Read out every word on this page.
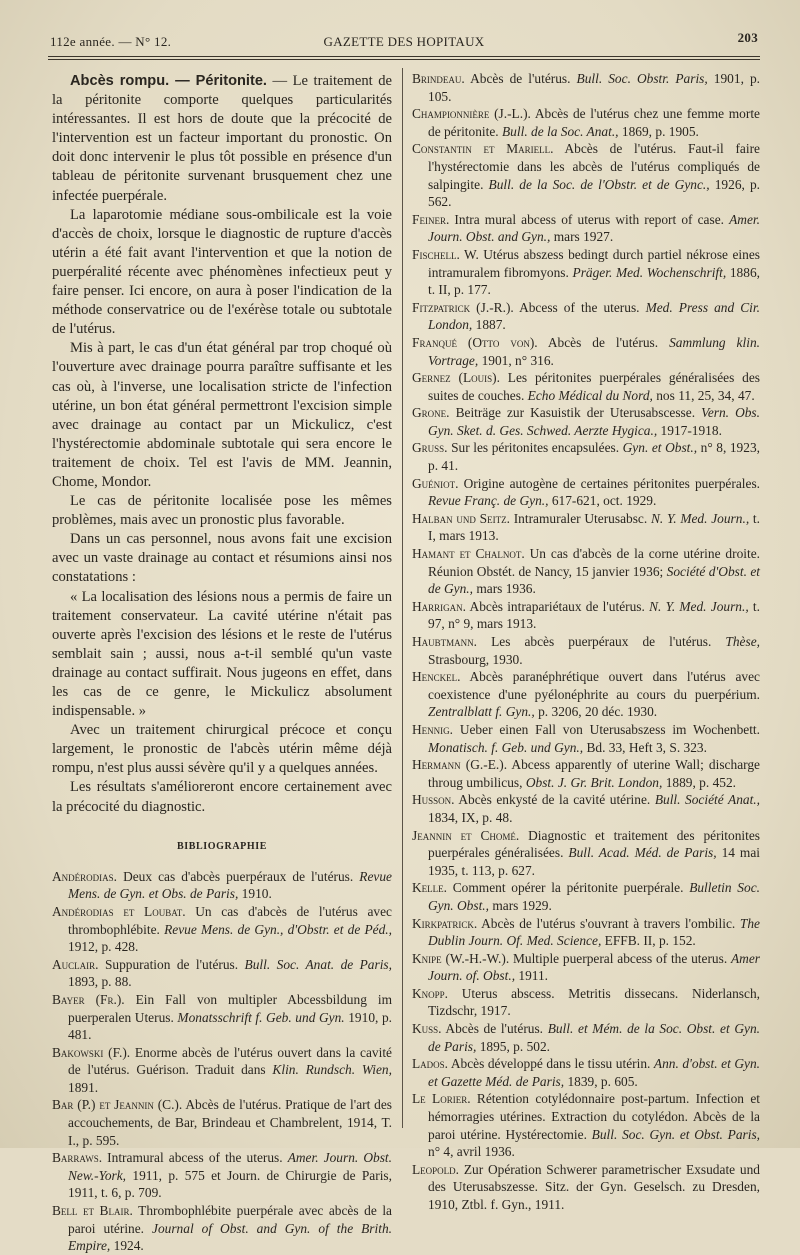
112e année. — N° 12.	GAZETTE DES HOPITAUX	203

Abcès rompu. — Péritonite. — Le traitement de la péritonite comporte quelques particularités intéressantes. Il est hors de doute que la précocité de l'intervention est un facteur important du pronostic. On doit donc intervenir le plus tôt possible en présence d'un tableau de péritonite survenant brusquement chez une infectée puerpérale.

La laparotomie médiane sous-ombilicale est la voie d'accès de choix, lorsque le diagnostic de rupture d'accès utérin a été fait avant l'intervention et que la notion de puerpéralité récente avec phénomènes infectieux peut y faire penser. Ici encore, on aura à poser l'indication de la méthode conservatrice ou de l'exérèse totale ou subtotale de l'utérus.

Mis à part, le cas d'un état général par trop choqué où l'ouverture avec drainage pourra paraître suffisante et les cas où, à l'inverse, une localisation stricte de l'infection utérine, un bon état général permettront l'excision simple avec drainage au contact par un Mickulicz, c'est l'hystérectomie abdominale subtotale qui sera encore le traitement de choix. Tel est l'avis de MM. Jeannin, Chome, Mondor.

Le cas de péritonite localisée pose les mêmes problèmes, mais avec un pronostic plus favorable.

Dans un cas personnel, nous avons fait une excision avec un vaste drainage au contact et résumions ainsi nos constatations :

« La localisation des lésions nous a permis de faire un traitement conservateur. La cavité utérine n'était pas ouverte après l'excision des lésions et le reste de l'utérus semblait sain ; aussi, nous a-t-il semblé qu'un vaste drainage au contact suffirait. Nous jugeons en effet, dans les cas de ce genre, le Mickulicz absolument indispensable. »

Avec un traitement chirurgical précoce et conçu largement, le pronostic de l'abcès utérin même déjà rompu, n'est plus aussi sévère qu'il y a quelques années.

Les résultats s'amélioreront encore certainement avec la précocité du diagnostic.

BIBLIOGRAPHIE

Andérodias. Deux cas d'abcès puerpéraux de l'utérus. Revue Mens. de Gyn. et Obs. de Paris, 1910.

Andérodias et Loubat. Un cas d'abcès de l'utérus avec thrombophlébite. Revue Mens. de Gyn., d'Obstr. et de Péd., 1912, p. 428.

Auclair. Suppuration de l'utérus. Bull. Soc. Anat. de Paris, 1893, p. 88.

Bayer (Fr.). Ein Fall von multipler Abcessbildung im puerperalen Uterus. Monatsschrift f. Geb. und Gyn. 1910, p. 481.

Bakowski (F.). Enorme abcès de l'utérus ouvert dans la cavité de l'utérus. Guérison. Traduit dans Klin. Rundsch. Wien, 1891.

Bar (P.) et Jeannin (C.). Abcès de l'utérus. Pratique de l'art des accouchements, de Bar, Brindeau et Chambrelent, 1914, T. I., p. 595.

Barraws. Intramural abcess of the uterus. Amer. Journ. Obst. New.-York, 1911, p. 575 et Journ. de Chirurgie de Paris, 1911, t. 6, p. 709.

Bell et Blair. Thrombophlébite puerpérale avec abcès de la paroi utérine. Journal of Obst. and Gyn. of the Brith. Empire, 1924.

Brindeau. Abcès de l'utérus. Bull. Soc. Obstr. Paris, 1901, p. 105.

Championnière (J.-L.). Abcès de l'utérus chez une femme morte de péritonite. Bull. de la Soc. Anat., 1869, p. 1905.

Constantin et Mariell. Abcès de l'utérus. Faut-il faire l'hystérectomie dans les abcès de l'utérus compliqués de salpingite. Bull. de la Soc. de l'Obstr. et de Gync., 1926, p. 562.

Feiner. Intra mural abcess of uterus with report of case. Amer. Journ. Obst. and Gyn., mars 1927.

Fischell. W. Utérus abszess bedingt durch partiel nékrose eines intramuralem fibromyons. Präger. Med. Wochenschrift, 1886, t. II, p. 177.

Fitzpatrick (J.-R.). Abcess of the uterus. Med. Press and Cir. London, 1887.

Franqué (Otto von). Abcès de l'utérus. Sammlung klin. Vortrage, 1901, n° 316.

Gernez (Louis). Les péritonites puerpérales généralisées des suites de couches. Echo Médical du Nord, nos 11, 25, 34, 47.

Grone. Beiträge zur Kasuistik der Uterusabscesse. Vern. Obs. Gyn. Sket. d. Ges. Schwed. Aerzte Hygica., 1917-1918.

Gruss. Sur les péritonites encapsulées. Gyn. et Obst., n° 8, 1923, p. 41.

Guéniot. Origine autogène de certaines péritonites puerpérales. Revue Franç. de Gyn., 617-621, oct. 1929.

Halban und Seitz. Intramuraler Uterusabsc. N. Y. Med. Journ., t. I, mars 1913.

Hamant et Chalnot. Un cas d'abcès de la corne utérine droite. Réunion Obstét. de Nancy, 15 janvier 1936; Société d'Obst. et de Gyn., mars 1936.

Harrigan. Abcès intrapariétaux de l'utérus. N. Y. Med. Journ., t. 97, n° 9, mars 1913.

Haubtmann. Les abcès puerpéraux de l'utérus. Thèse, Strasbourg, 1930.

Henckel. Abcès paranéphrétique ouvert dans l'utérus avec coexistence d'une pyélonéphrite au cours du puerpérium. Zentralblatt f. Gyn., p. 3206, 20 déc. 1930.

Hennig. Ueber einen Fall von Uterusabszess im Wochenbett. Monatisch. f. Geb. und Gyn., Bd. 33, Heft 3, S. 323.

Hermann (G.-E.). Abcess apparently of uterine Wall; discharge throug umbilicus, Obst. J. Gr. Brit. London, 1889, p. 452.

Husson. Abcès enkysté de la cavité utérine. Bull. Société Anat., 1834, IX, p. 48.

Jeannin et Chomé. Diagnostic et traitement des péritonites puerpérales généralisées. Bull. Acad. Méd. de Paris, 14 mai 1935, t. 113, p. 627.

Kelle. Comment opérer la péritonite puerpérale. Bulletin Soc. Gyn. Obst., mars 1929.

Kirkpatrick. Abcès de l'utérus s'ouvrant à travers l'ombilic. The Dublin Journ. Of. Med. Science, EFFB. II, p. 152.

Knipe (W.-H.-W.). Multiple puerperal abcess of the uterus. Amer Journ. of. Obst., 1911.

Knopp. Uterus abscess. Metritis dissecans. Niderlansch, Tizdschr, 1917.

Kuss. Abcès de l'utérus. Bull. et Mém. de la Soc. Obst. et Gyn. de Paris, 1895, p. 502.

Lados. Abcès développé dans le tissu utérin. Ann. d'obst. et Gyn. et Gazette Méd. de Paris, 1839, p. 605.

Le Lorier. Rétention cotylédonnaire post-partum. Infection et hémorragies utérines. Extraction du cotylédon. Abcès de la paroi utérine. Hystérectomie. Bull. Soc. Gyn. et Obst. Paris, n° 4, avril 1936.

Leopold. Zur Opération Schwerer parametrischer Exsudate und des Uterusabszesse. Sitz. der Gyn. Geselsch. zu Dresden, 1910, Ztbl. f. Gyn., 1911.
